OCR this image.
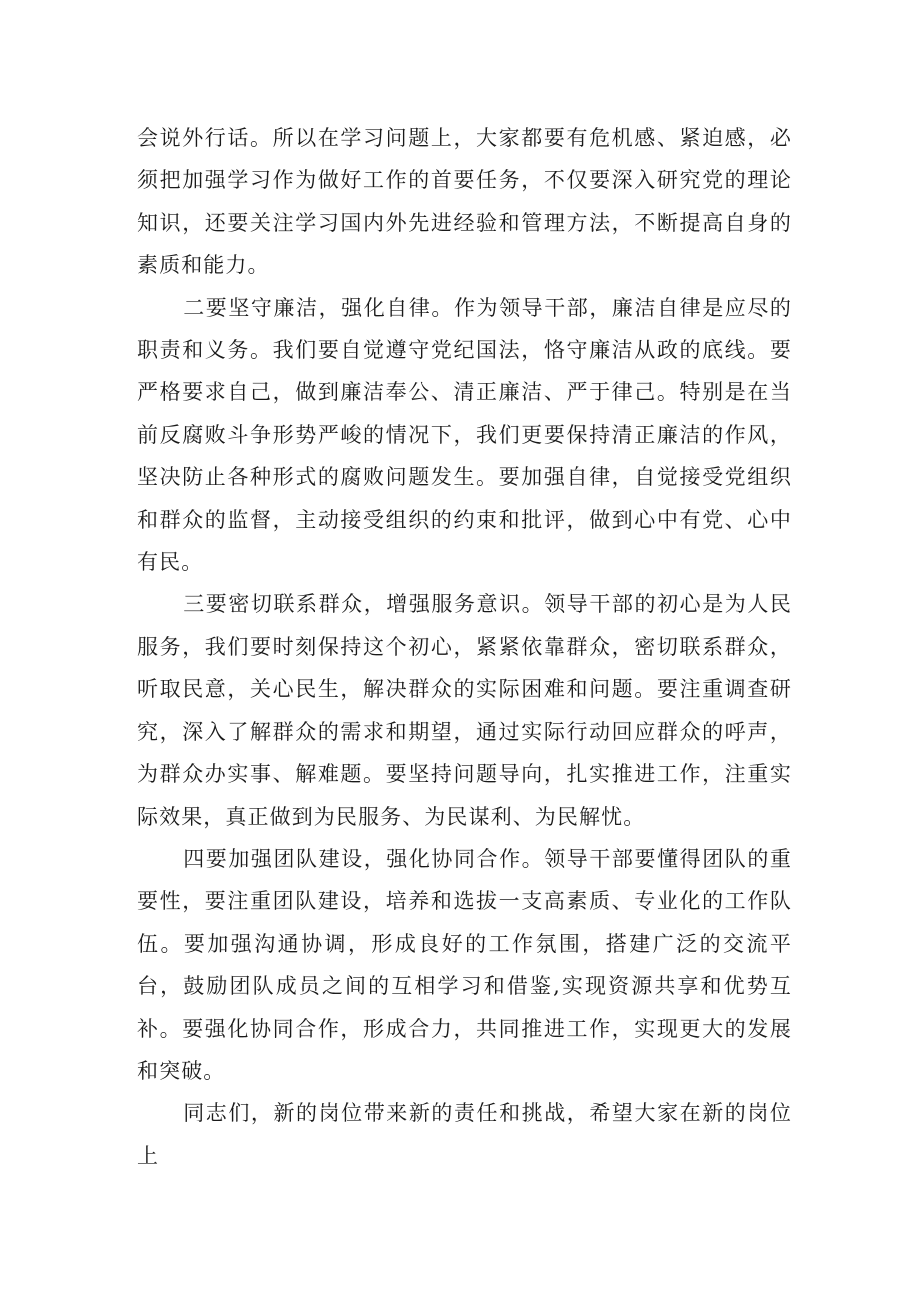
会说外行话。所以在学习问题上，大家都要有危机感、紧迫感，必须把加强学习作为做好工作的首要任务，不仅要深入研究党的理论知识，还要关注学习国内外先进经验和管理方法，不断提高自身的素质和能力。

二要坚守廉洁，强化自律。作为领导干部，廉洁自律是应尽的职责和义务。我们要自觉遵守党纪国法，恪守廉洁从政的底线。要严格要求自己，做到廉洁奉公、清正廉洁、严于律己。特别是在当前反腐败斗争形势严峻的情况下，我们更要保持清正廉洁的作风，坚决防止各种形式的腐败问题发生。要加强自律，自觉接受党组织和群众的监督，主动接受组织的约束和批评，做到心中有党、心中有民。

三要密切联系群众，增强服务意识。领导干部的初心是为人民服务，我们要时刻保持这个初心，紧紧依靠群众，密切联系群众，听取民意，关心民生，解决群众的实际困难和问题。要注重调查研究，深入了解群众的需求和期望，通过实际行动回应群众的呼声，为群众办实事、解难题。要坚持问题导向，扎实推进工作，注重实际效果，真正做到为民服务、为民谋利、为民解忧。

四要加强团队建设，强化协同合作。领导干部要懂得团队的重要性，要注重团队建设，培养和选拔一支高素质、专业化的工作队伍。要加强沟通协调，形成良好的工作氛围，搭建广泛的交流平台，鼓励团队成员之间的互相学习和借鉴,实现资源共享和优势互补。要强化协同合作，形成合力，共同推进工作，实现更大的发展和突破。

同志们，新的岗位带来新的责任和挑战，希望大家在新的岗位上
